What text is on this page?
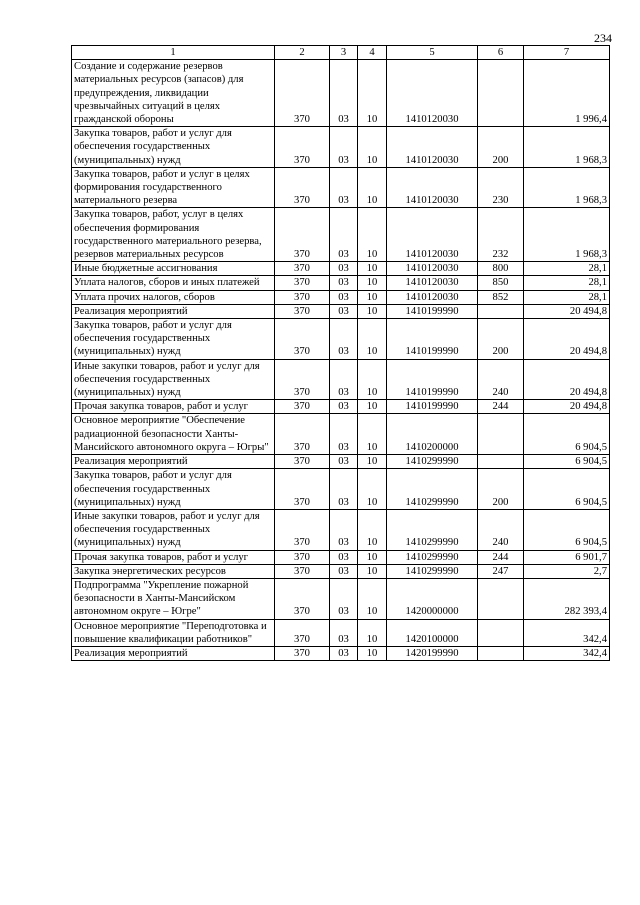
234
1	2	3	4	5	6	7
Создание и содержание резервов материальных ресурсов (запасов) для предупреждения, ликвидации чрезвычайных ситуаций в целях гражданской обороны	370	03	10	1410120030		1 996,4
Закупка товаров, работ и услуг для обеспечения государственных (муниципальных) нужд	370	03	10	1410120030	200	1 968,3
Закупка товаров, работ и услуг в целях формирования государственного материального резерва	370	03	10	1410120030	230	1 968,3
Закупка товаров, работ, услуг в целях обеспечения формирования государственного материального резерва, резервов материальных ресурсов	370	03	10	1410120030	232	1 968,3
Иные бюджетные ассигнования	370	03	10	1410120030	800	28,1
Уплата налогов, сборов и иных платежей	370	03	10	1410120030	850	28,1
Уплата прочих налогов, сборов	370	03	10	1410120030	852	28,1
Реализация мероприятий	370	03	10	1410199990		20 494,8
Закупка товаров, работ и услуг для обеспечения государственных (муниципальных) нужд	370	03	10	1410199990	200	20 494,8
Иные закупки товаров, работ и услуг для обеспечения государственных (муниципальных) нужд	370	03	10	1410199990	240	20 494,8
Прочая закупка товаров, работ и услуг	370	03	10	1410199990	244	20 494,8
Основное мероприятие "Обеспечение радиационной безопасности Ханты-Мансийского автономного округа – Югры"	370	03	10	1410200000		6 904,5
Реализация мероприятий	370	03	10	1410299990		6 904,5
Закупка товаров, работ и услуг для обеспечения государственных (муниципальных) нужд	370	03	10	1410299990	200	6 904,5
Иные закупки товаров, работ и услуг для обеспечения государственных (муниципальных) нужд	370	03	10	1410299990	240	6 904,5
Прочая закупка товаров, работ и услуг	370	03	10	1410299990	244	6 901,7
Закупка энергетических ресурсов	370	03	10	1410299990	247	2,7
Подпрограмма "Укрепление пожарной безопасности в Ханты-Мансийском автономном округе – Югре"	370	03	10	1420000000		282 393,4
Основное мероприятие "Переподготовка и повышение квалификации работников"	370	03	10	1420100000		342,4
Реализация мероприятий	370	03	10	1420199990		342,4
